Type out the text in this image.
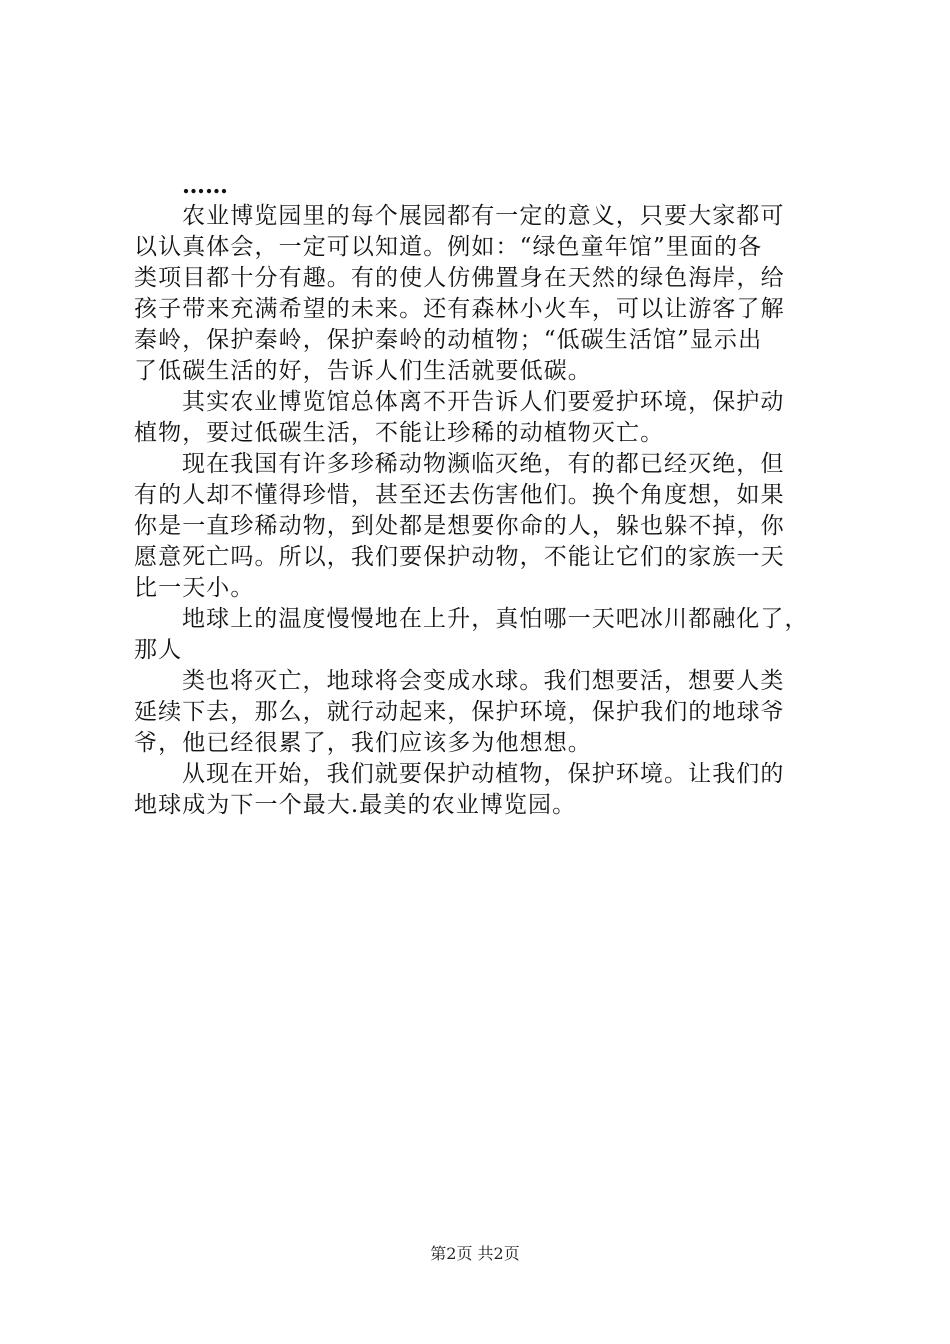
……
农业博览园里的每个展园都有一定的意义，只要大家都可
以认真体会，一定可以知道。例如：“绿色童年馆”里面的各
类项目都十分有趣。有的使人仿佛置身在天然的绿色海岸，给
孩子带来充满希望的未来。还有森林小火车，可以让游客了解
秦岭，保护秦岭，保护秦岭的动植物；“低碳生活馆”显示出
了低碳生活的好，告诉人们生活就要低碳。
其实农业博览馆总体离不开告诉人们要爱护环境，保护动
植物，要过低碳生活，不能让珍稀的动植物灭亡。
现在我国有许多珍稀动物濒临灭绝，有的都已经灭绝，但
有的人却不懂得珍惜，甚至还去伤害他们。换个角度想，如果
你是一直珍稀动物，到处都是想要你命的人，躲也躲不掉，你
愿意死亡吗。所以，我们要保护动物，不能让它们的家族一天
比一天小。
地球上的温度慢慢地在上升，真怕哪一天吧冰川都融化了，
那人
类也将灭亡，地球将会变成水球。我们想要活，想要人类
延续下去，那么，就行动起来，保护环境，保护我们的地球爷
爷，他已经很累了，我们应该多为他想想。
从现在开始，我们就要保护动植物，保护环境。让我们的
地球成为下一个最大.最美的农业博览园。
第2页 共2页
